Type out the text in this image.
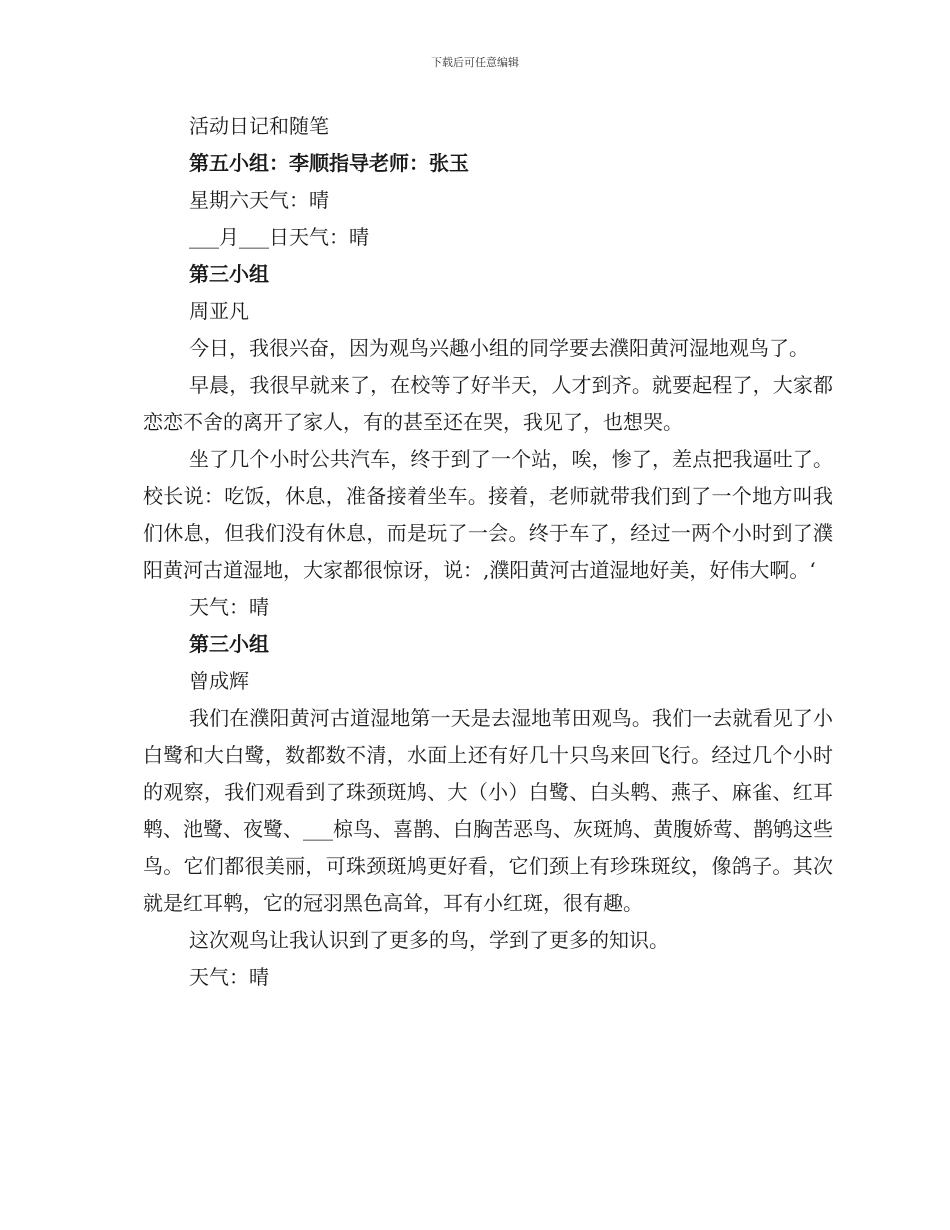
下载后可任意编辑

活动日记和随笔

第五小组：李顺指导老师：张玉

星期六天气：晴

___月___日天气：晴

第三小组

周亚凡

今日，我很兴奋，因为观鸟兴趣小组的同学要去濮阳黄河湿地观鸟了。

早晨，我很早就来了，在校等了好半天，人才到齐。就要起程了，大家都恋恋不舍的离开了家人，有的甚至还在哭，我见了，也想哭。

坐了几个小时公共汽车，终于到了一个站，唉，惨了，差点把我逼吐了。校长说：吃饭，休息，准备接着坐车。接着，老师就带我们到了一个地方叫我们休息，但我们没有休息，而是玩了一会。终于车了，经过一两个小时到了濮阳黄河古道湿地，大家都很惊讶，说：,濮阳黄河古道湿地好美，好伟大啊。‘

天气：晴

第三小组

曾成辉

我们在濮阳黄河古道湿地第一天是去湿地苇田观鸟。我们一去就看见了小白鹭和大白鹭，数都数不清，水面上还有好几十只鸟来回飞行。经过几个小时的观察，我们观看到了珠颈斑鸠、大（小）白鹭、白头鹎、燕子、麻雀、红耳鹎、池鹭、夜鹭、___椋鸟、喜鹊、白胸苦恶鸟、灰斑鸠、黄腹娇莺、鹊鸲这些鸟。它们都很美丽，可珠颈斑鸠更好看，它们颈上有珍珠斑纹，像鸽子。其次就是红耳鹎，它的冠羽黑色高耸，耳有小红斑，很有趣。

这次观鸟让我认识到了更多的鸟，学到了更多的知识。

天气：晴
